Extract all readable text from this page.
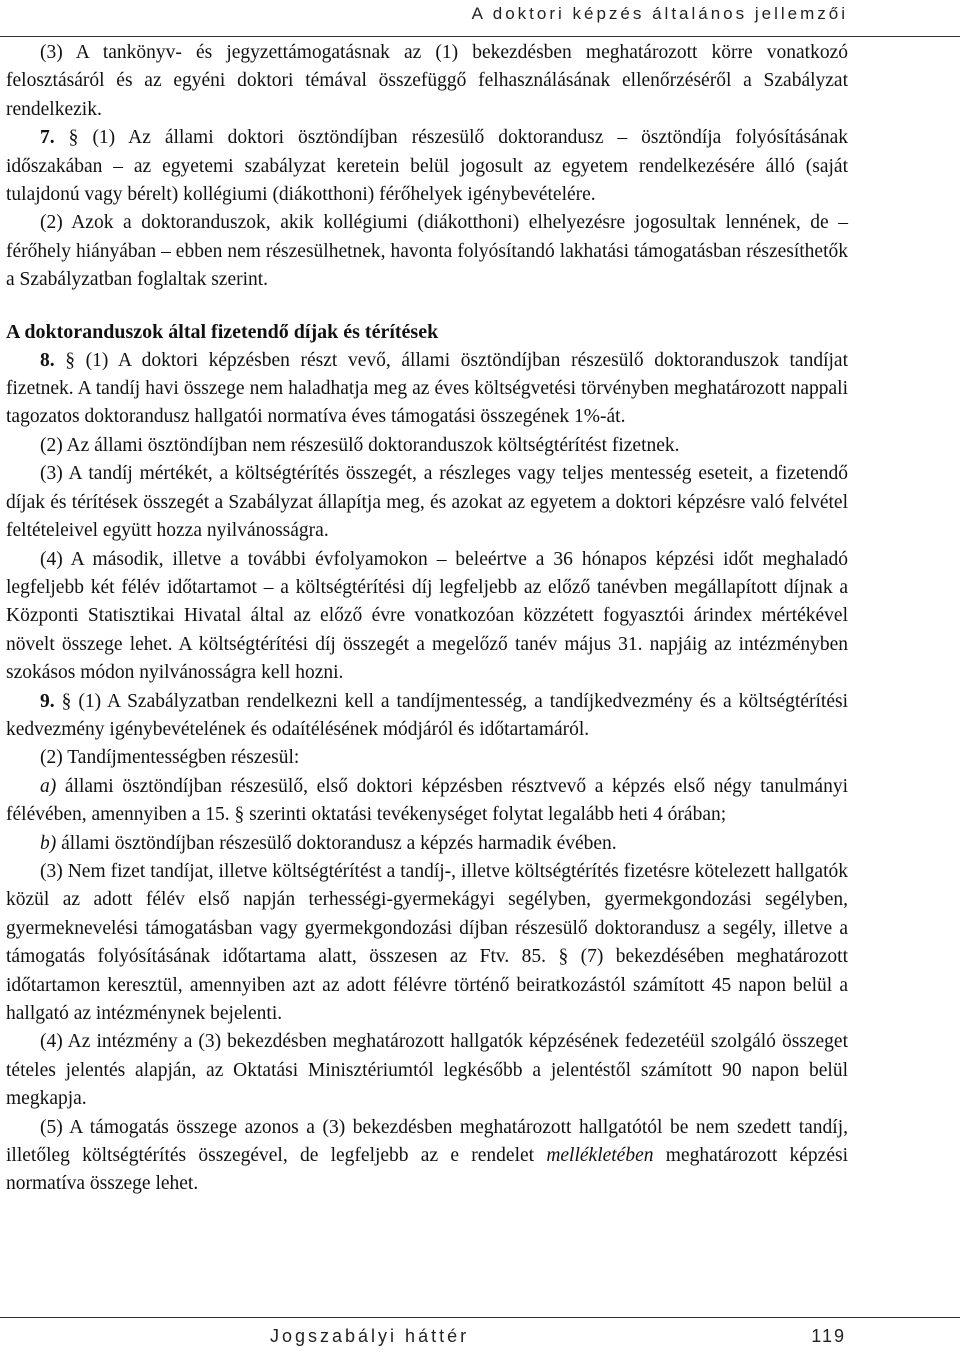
A doktori képzés általános jellemzői

(3) A tankönyv- és jegyzettámogatásnak az (1) bekezdésben meghatározott körre vonatkozó felosztásáról és az egyéni doktori témával összefüggő felhasználásának ellenőrzéséről a Szabályzat rendelkezik.

7. § (1) Az állami doktori ösztöndíjban részesülő doktorandusz – ösztöndíja folyósításának időszakában – az egyetemi szabályzat keretein belül jogosult az egyetem rendelkezésére álló (saját tulajdonú vagy bérelt) kollégiumi (diákotthoni) férőhelyek igénybevételére.

(2) Azok a doktoranduszok, akik kollégiumi (diákotthoni) elhelyezésre jogosultak lennének, de – férőhely hiányában – ebben nem részesülhetnek, havonta folyósítandó lakhatási támogatásban részesíthetők a Szabályzatban foglaltak szerint.

A doktoranduszok által fizetendő díjak és térítések

8. § (1) A doktori képzésben részt vevő, állami ösztöndíjban részesülő doktoranduszok tandíjat fizetnek. A tandíj havi összege nem haladhatja meg az éves költségvetési törvényben meghatározott nappali tagozatos doktorandusz hallgatói normatíva éves támogatási összegének 1%-át.

(2) Az állami ösztöndíjban nem részesülő doktoranduszok költségtérítést fizetnek.

(3) A tandíj mértékét, a költségtérítés összegét, a részleges vagy teljes mentesség eseteit, a fizetendő díjak és térítések összegét a Szabályzat állapítja meg, és azokat az egyetem a doktori képzésre való felvétel feltételeivel együtt hozza nyilvánosságra.

(4) A második, illetve a további évfolyamokon – beleértve a 36 hónapos képzési időt meghaladó legfeljebb két félév időtartamot – a költségtérítési díj legfeljebb az előző tanévben megállapított díjnak a Központi Statisztikai Hivatal által az előző évre vonatkozóan közzétett fogyasztói árindex mértékével növelt összege lehet. A költségtérítési díj összegét a megelőző tanév május 31. napjáig az intézményben szokásos módon nyilvánosságra kell hozni.

9. § (1) A Szabályzatban rendelkezni kell a tandíjmentesség, a tandíjkedvezmény és a költségtérítési kedvezmény igénybevételének és odaítélésének módjáról és időtartamáról.

(2) Tandíjmentességben részesül:

a) állami ösztöndíjban részesülő, első doktori képzésben résztvevő a képzés első négy tanulmányi félévében, amennyiben a 15. § szerinti oktatási tevékenységet folytat legalább heti 4 órában;

b) állami ösztöndíjban részesülő doktorandusz a képzés harmadik évében.

(3) Nem fizet tandíjat, illetve költségtérítést a tandíj-, illetve költségtérítés fizetésre kötelezett hallgatók közül az adott félév első napján terhességi-gyermekágyi segélyben, gyermekgondozási segélyben, gyermeknevelési támogatásban vagy gyermekgondozási díjban részesülő doktorandusz a segély, illetve a támogatás folyósításának időtartama alatt, összesen az Ftv. 85. § (7) bekezdésében meghatározott időtartamon keresztül, amennyiben azt az adott félévre történő beiratkozástól számított 45 napon belül a hallgató az intézménynek bejelenti.

(4) Az intézmény a (3) bekezdésben meghatározott hallgatók képzésének fedezetéül szolgáló összeget tételes jelentés alapján, az Oktatási Minisztériumtól legkésőbb a jelentéstől számított 90 napon belül megkapja.

(5) A támogatás összege azonos a (3) bekezdésben meghatározott hallgatótól be nem szedett tandíj, illetőleg költségtérítés összegével, de legfeljebb az e rendelet mellékletében meghatározott képzési normatíva összege lehet.

Jogszabályi háttér	119
